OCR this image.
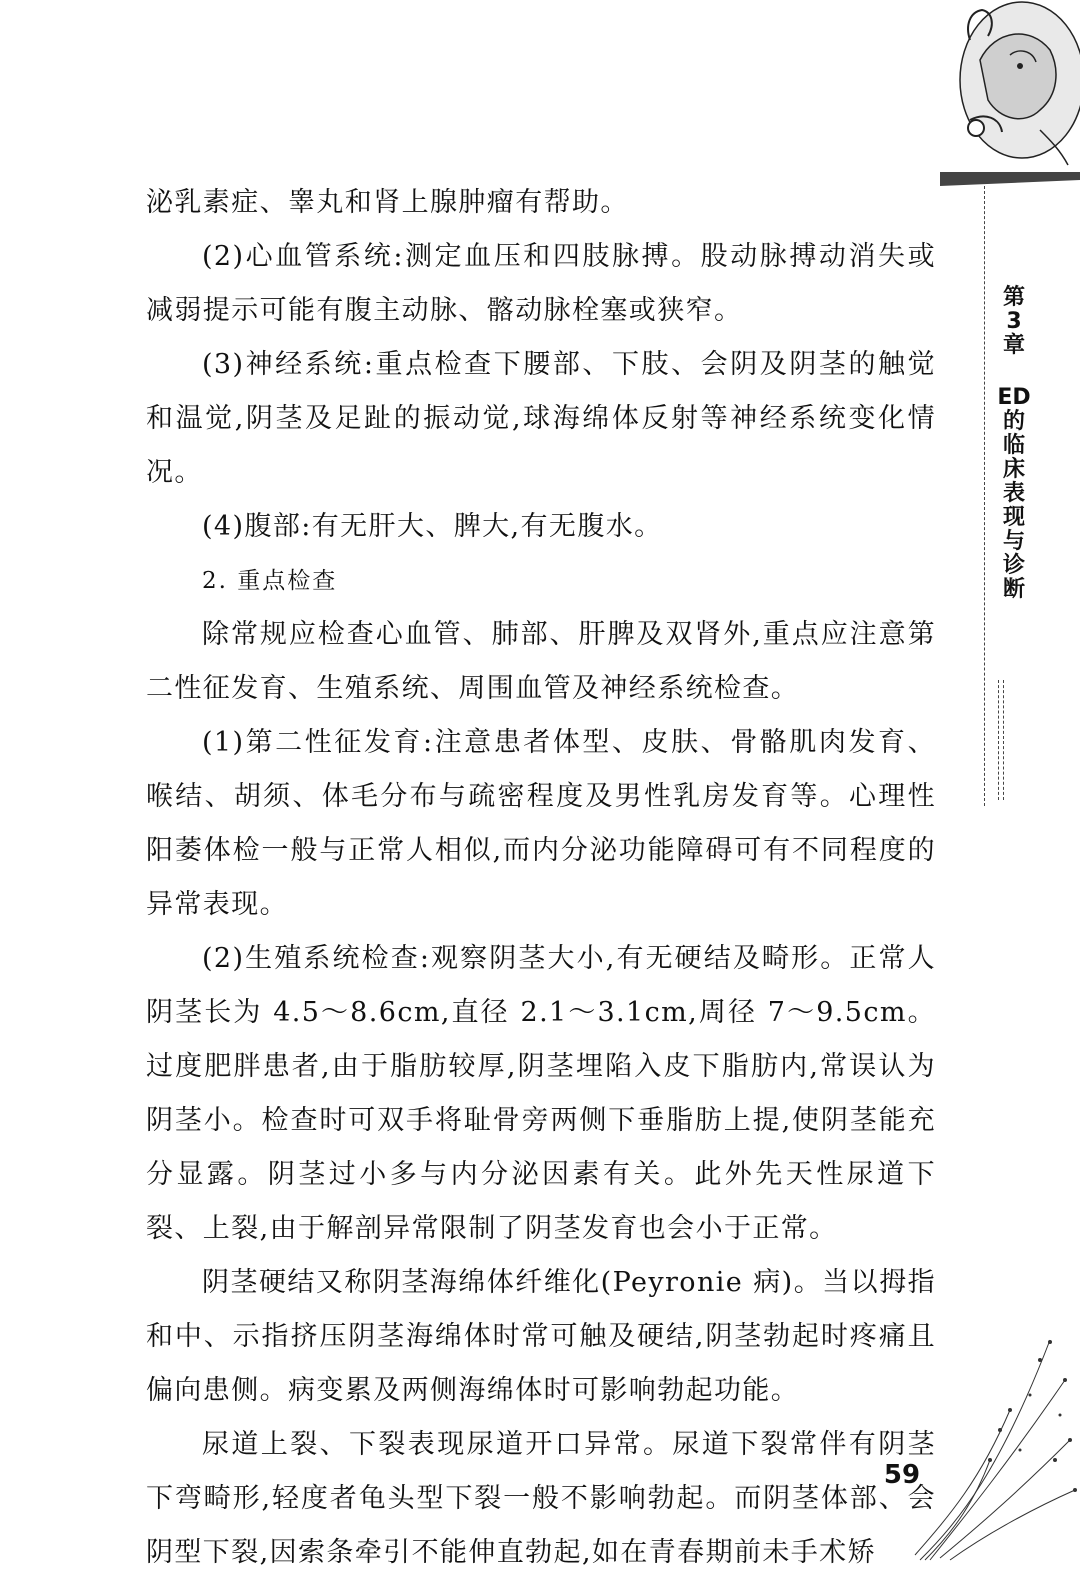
第
3
章
ED
的
临
床
表
现
与
诊
断

泌乳素症、睾丸和肾上腺肿瘤有帮助。

(2)心血管系统:测定血压和四肢脉搏。股动脉搏动消失或减弱提示可能有腹主动脉、髂动脉栓塞或狭窄。

(3)神经系统:重点检查下腰部、下肢、会阴及阴茎的触觉和温觉,阴茎及足趾的振动觉,球海绵体反射等神经系统变化情况。

(4)腹部:有无肝大、脾大,有无腹水。

2. 重点检查

除常规应检查心血管、肺部、肝脾及双肾外,重点应注意第二性征发育、生殖系统、周围血管及神经系统检查。

(1)第二性征发育:注意患者体型、皮肤、骨骼肌肉发育、喉结、胡须、体毛分布与疏密程度及男性乳房发育等。心理性阳萎体检一般与正常人相似,而内分泌功能障碍可有不同程度的异常表现。

(2)生殖系统检查:观察阴茎大小,有无硬结及畸形。正常人阴茎长为 4.5～8.6cm,直径 2.1～3.1cm,周径 7～9.5cm。过度肥胖患者,由于脂肪较厚,阴茎埋陷入皮下脂肪内,常误认为阴茎小。检查时可双手将耻骨旁两侧下垂脂肪上提,使阴茎能充分显露。阴茎过小多与内分泌因素有关。此外先天性尿道下裂、上裂,由于解剖异常限制了阴茎发育也会小于正常。

阴茎硬结又称阴茎海绵体纤维化(Peyronie 病)。当以拇指和中、示指挤压阴茎海绵体时常可触及硬结,阴茎勃起时疼痛且偏向患侧。病变累及两侧海绵体时可影响勃起功能。

尿道上裂、下裂表现尿道开口异常。尿道下裂常伴有阴茎下弯畸形,轻度者龟头型下裂一般不影响勃起。而阴茎体部、会阴型下裂,因索条牵引不能伸直勃起,如在青春期前未手术矫

59
